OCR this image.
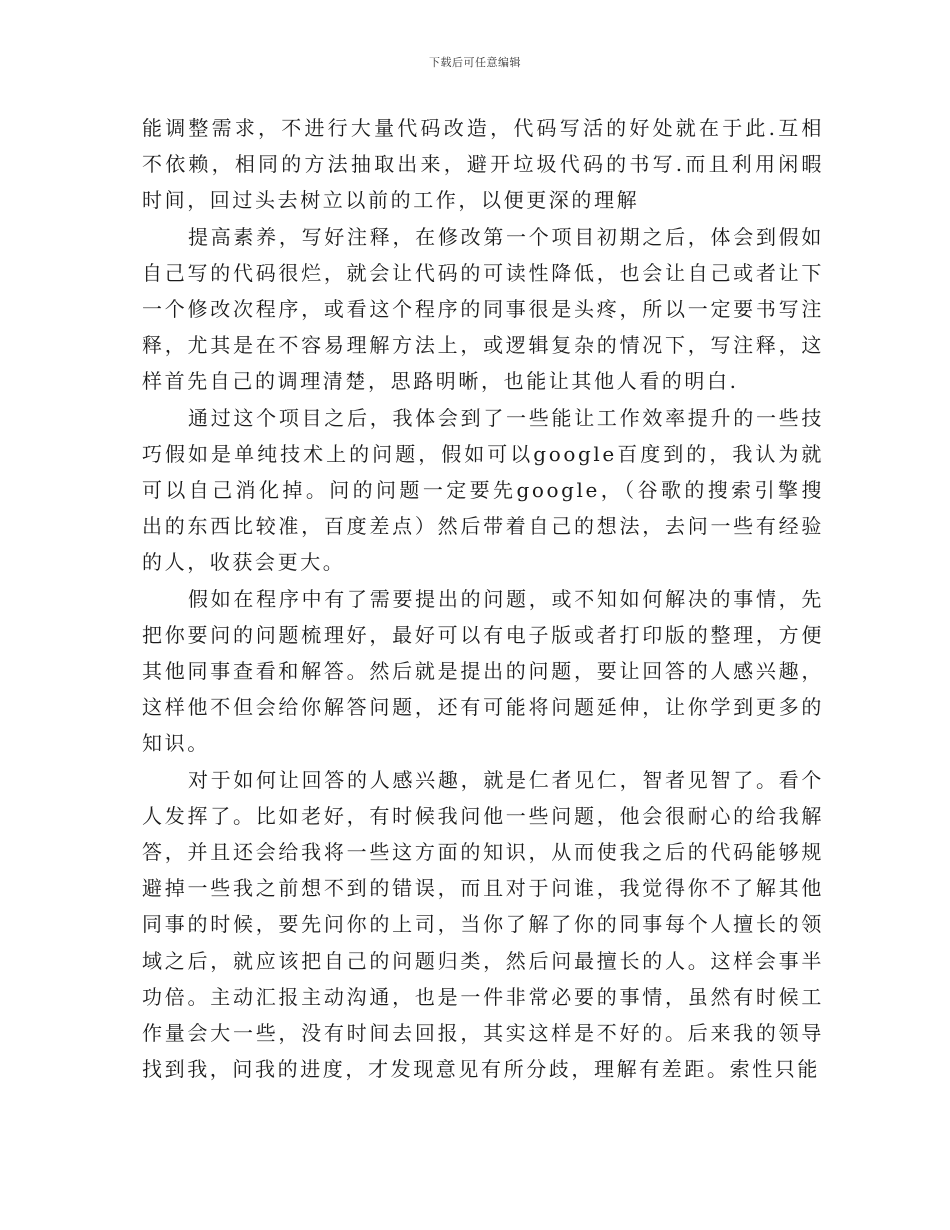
下载后可任意编辑

能调整需求，不进行大量代码改造，代码写活的好处就在于此.互相不依赖，相同的方法抽取出来，避开垃圾代码的书写.而且利用闲暇时间，回过头去树立以前的工作，以便更深的理解

提高素养，写好注释，在修改第一个项目初期之后，体会到假如自己写的代码很烂，就会让代码的可读性降低，也会让自己或者让下一个修改次程序，或看这个程序的同事很是头疼，所以一定要书写注释，尤其是在不容易理解方法上，或逻辑复杂的情况下，写注释，这样首先自己的调理清楚，思路明晰，也能让其他人看的明白.

通过这个项目之后，我体会到了一些能让工作效率提升的一些技巧假如是单纯技术上的问题，假如可以google百度到的，我认为就可以自己消化掉。问的问题一定要先google，（谷歌的搜索引擎搜出的东西比较准，百度差点）然后带着自己的想法，去问一些有经验的人，收获会更大。

假如在程序中有了需要提出的问题，或不知如何解决的事情，先把你要问的问题梳理好，最好可以有电子版或者打印版的整理，方便其他同事查看和解答。然后就是提出的问题，要让回答的人感兴趣，这样他不但会给你解答问题，还有可能将问题延伸，让你学到更多的知识。

对于如何让回答的人感兴趣，就是仁者见仁，智者见智了。看个人发挥了。比如老好，有时候我问他一些问题，他会很耐心的给我解答，并且还会给我将一些这方面的知识，从而使我之后的代码能够规避掉一些我之前想不到的错误，而且对于问谁，我觉得你不了解其他同事的时候，要先问你的上司，当你了解了你的同事每个人擅长的领域之后，就应该把自己的问题归类，然后问最擅长的人。这样会事半功倍。主动汇报主动沟通，也是一件非常必要的事情，虽然有时候工作量会大一些，没有时间去回报，其实这样是不好的。后来我的领导找到我，问我的进度，才发现意见有所分歧，理解有差距。索性只能
